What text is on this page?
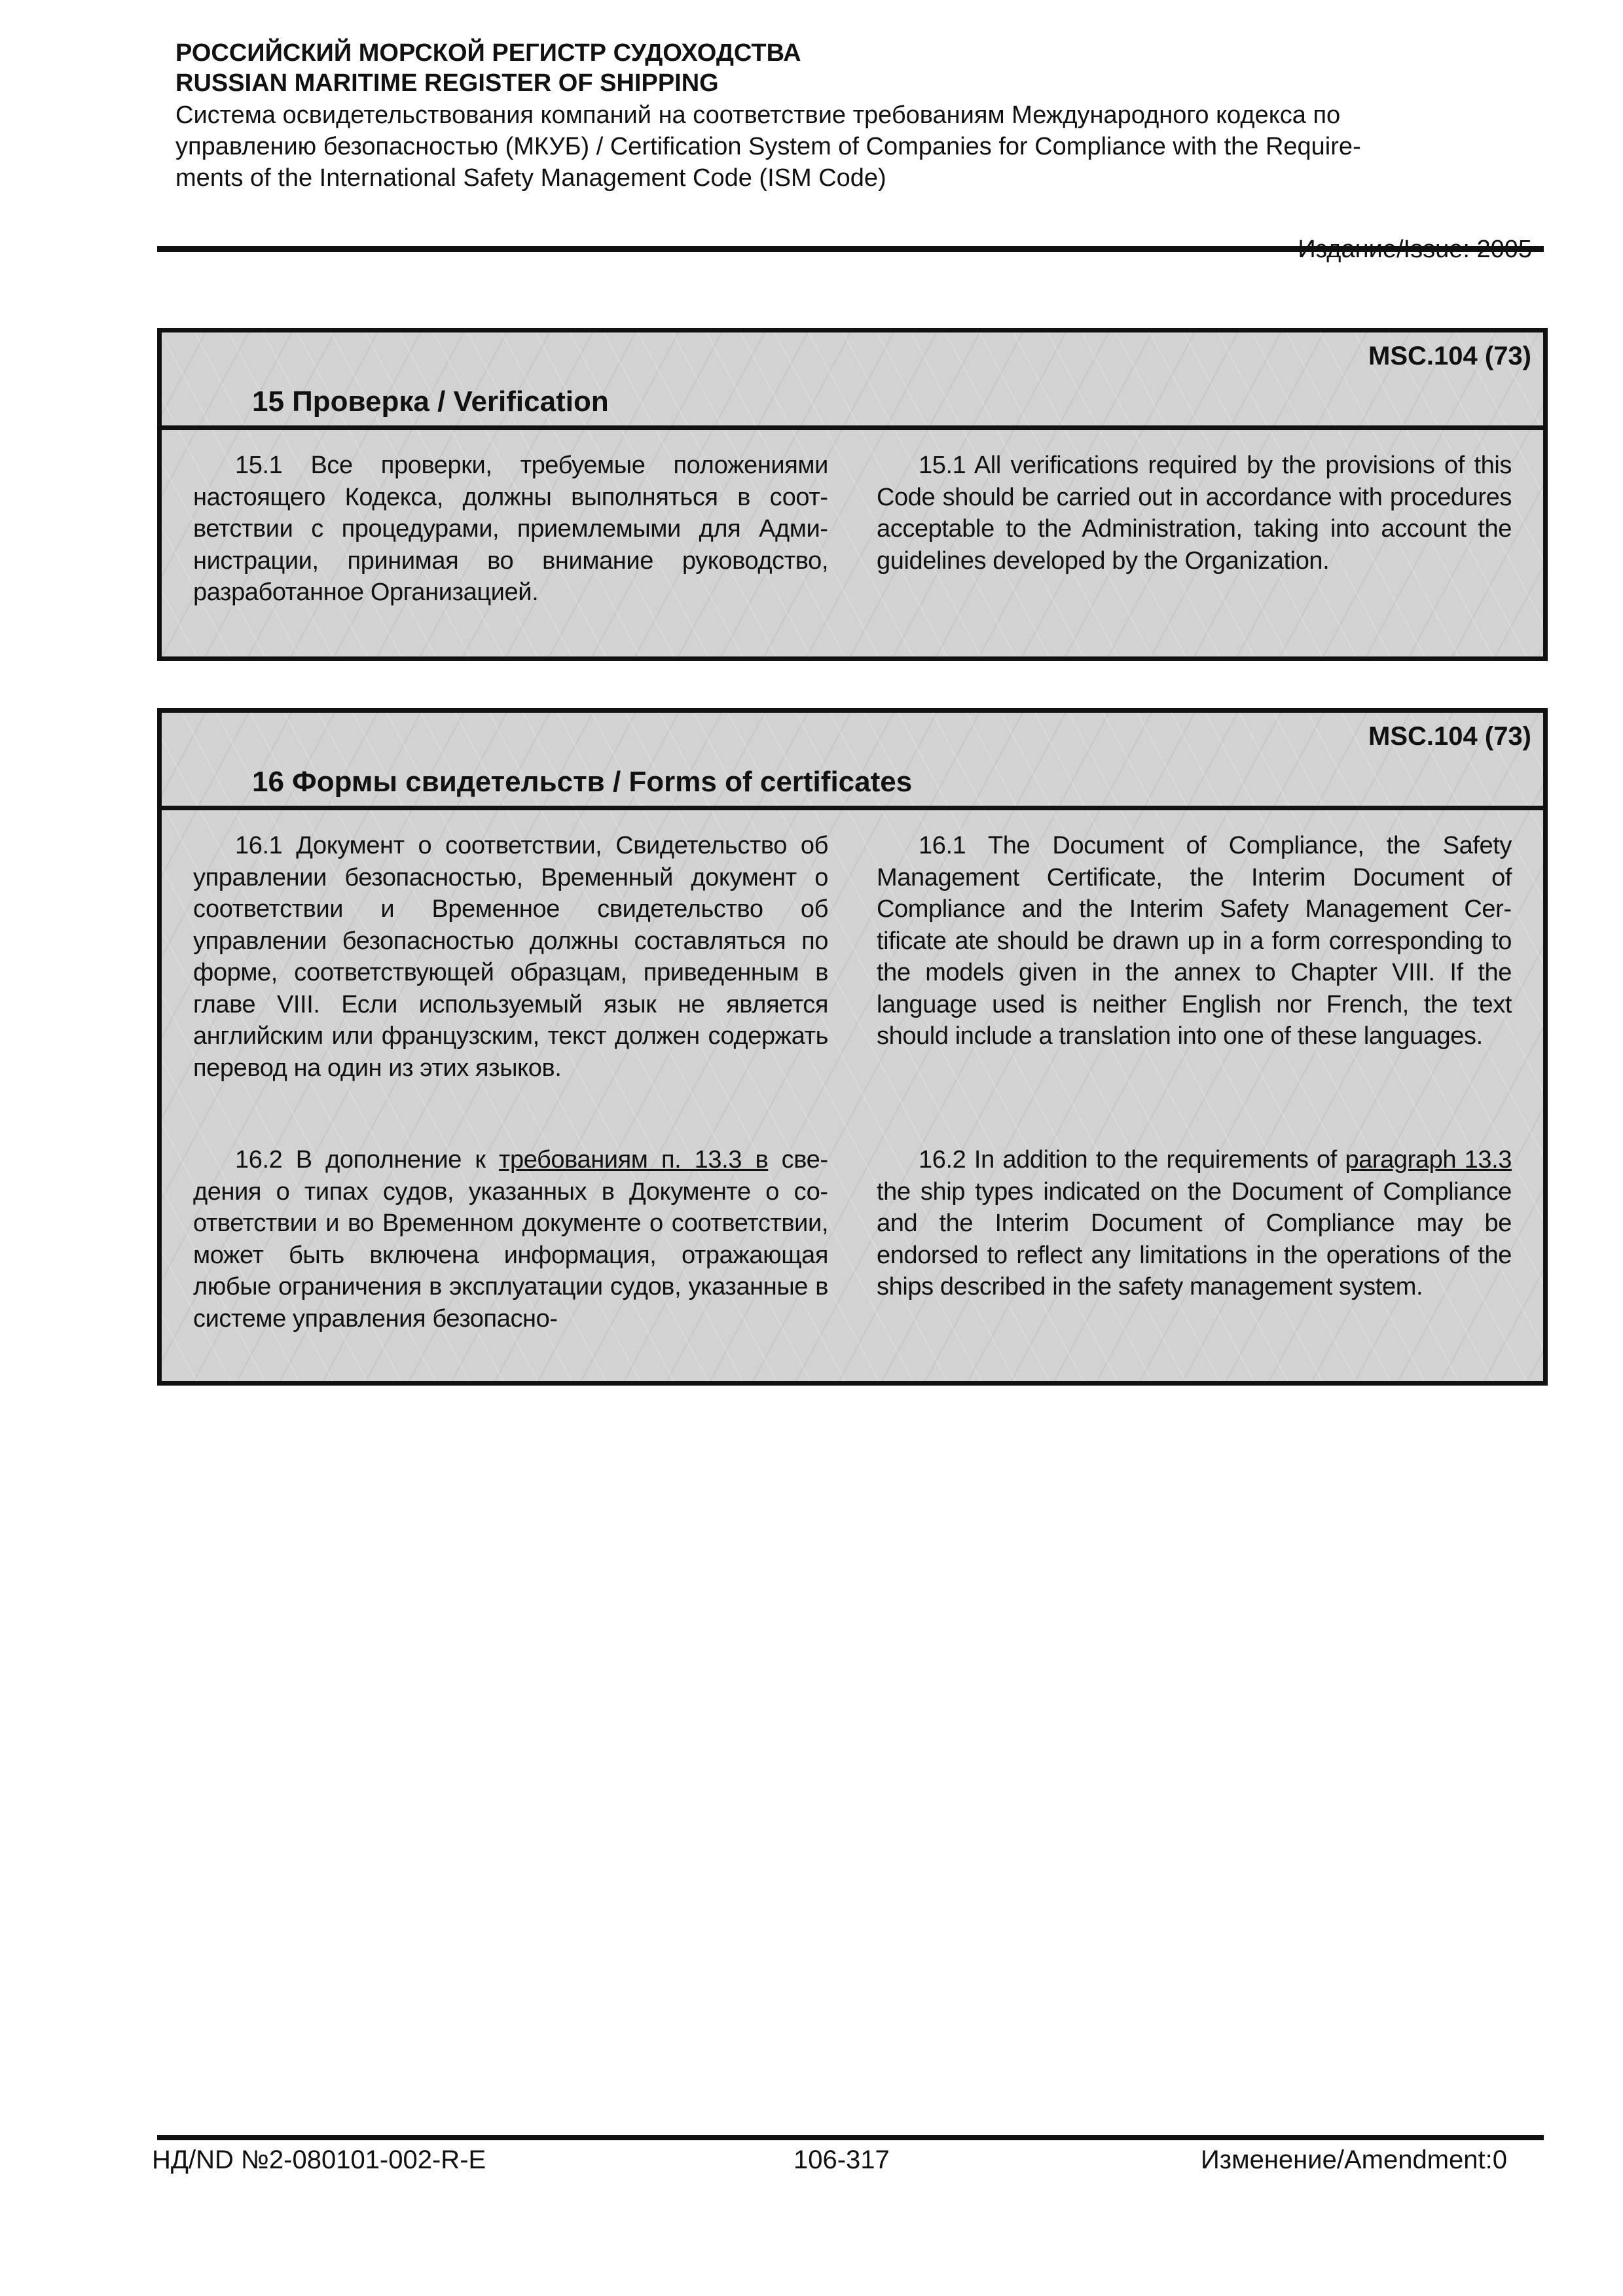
РОССИЙСКИЙ МОРСКОЙ РЕГИСТР СУДОХОДСТВА
RUSSIAN MARITIME REGISTER OF SHIPPING
Система освидетельствования компаний на соответствие требованиям Международного кодекса по
управлению безопасностью (МКУБ) / Certification System of Companies for Compliance with the Require-
ments of the International Safety Management Code (ISM Code)
MSC.104 (73)
15 Проверка / Verification

15.1 Все проверки, требуемые положениями настоящего Кодекса, должны выполняться в соответствии с процедурами, приемлемыми для Администрации, принимая во внимание руководство, разработанное Организацией.

15.1 All verifications required by the provisions of this Code should be carried out in accordance with procedures acceptable to the Administration, taking into account the guidelines developed by the Organization.

MSC.104 (73)
16 Формы свидетельств / Forms of certificates

16.1 Документ о соответствии, Свидетельство об управлении безопасностью, Временный документ о соответствии и Временное свидетельство об управлении безопасностью должны составляться по форме, соответствующей образцам, приведенным в главе VIII. Если используемый язык не является английским или французским, текст должен содержать перевод на один из этих языков.

16.1 The Document of Compliance, the Safety Management Certificate, the Interim Document of Compliance and the Interim Safety Management Certificate ate should be drawn up in a form corresponding to the models given in the annex to Chapter VIII. If the language used is neither English nor French, the text should include a translation into one of these languages.

16.2 В дополнение к требованиям п. 13.3 в сведения о типах судов, указанных в Документе о соответствии и во Временном документе о соответствии, может быть включена информация, отражающая любые ограничения в эксплуатации судов, указанные в системе управления безопасно-

16.2 In addition to the requirements of paragraph 13.3 the ship types indicated on the Document of Compliance and the Interim Document of Compliance may be endorsed to reflect any limitations in the operations of the ships described in the safety management system.

НД/ND №2-080101-002-R-E	106-317	Изменение/Amendment:0
